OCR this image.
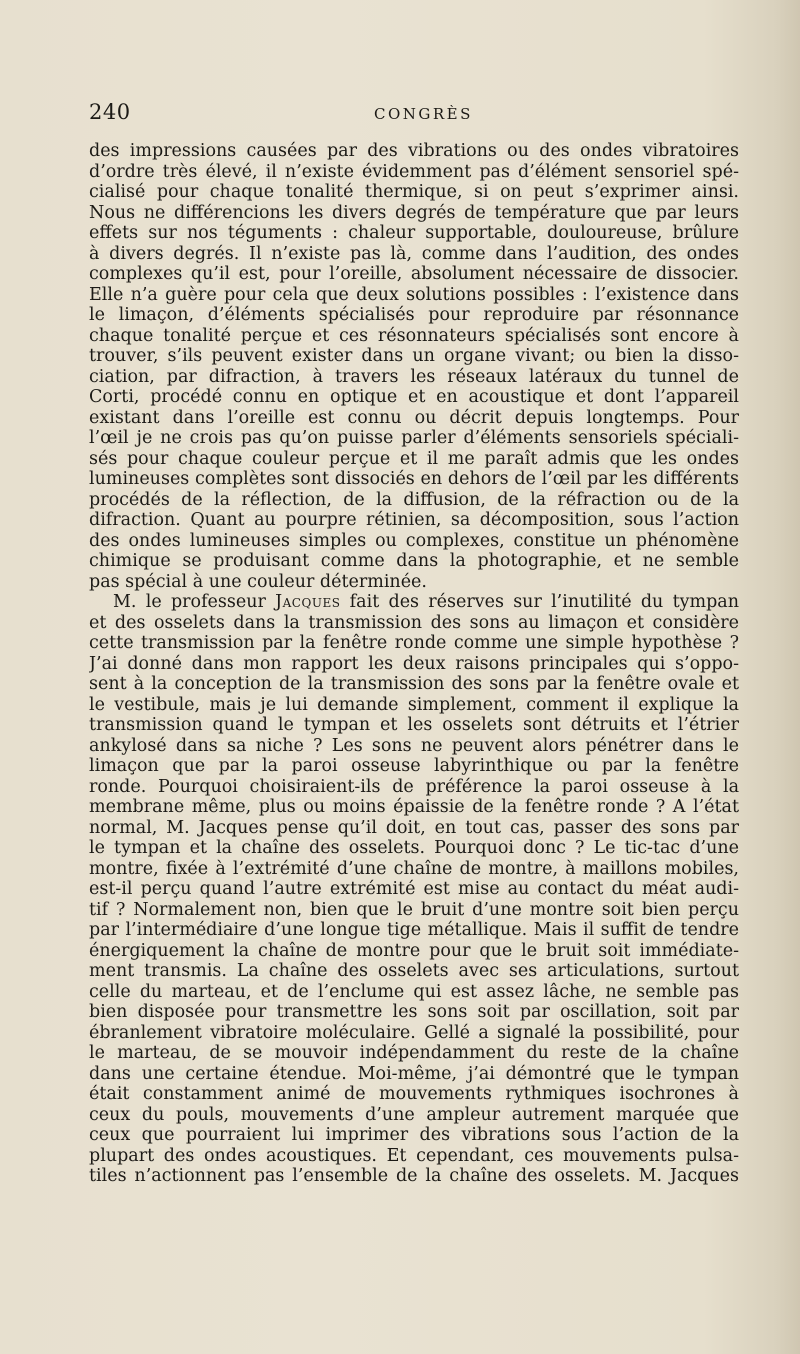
240	CONGRÈS
des impressions causées par des vibrations ou des ondes vibratoires
d’ordre très élevé, il n’existe évidemment pas d’élément sensoriel spé-
cialisé pour chaque tonalité thermique, si on peut s’exprimer ainsi.
Nous ne différencions les divers degrés de température que par leurs
effets sur nos téguments : chaleur supportable, douloureuse, brûlure
à divers degrés. Il n’existe pas là, comme dans l’audition, des ondes
complexes qu’il est, pour l’oreille, absolument nécessaire de dissocier.
Elle n’a guère pour cela que deux solutions possibles : l’existence dans
le limaçon, d’éléments spécialisés pour reproduire par résonnance
chaque tonalité perçue et ces résonnateurs spécialisés sont encore à
trouver, s’ils peuvent exister dans un organe vivant; ou bien la disso-
ciation, par difraction, à travers les réseaux latéraux du tunnel de
Corti, procédé connu en optique et en acoustique et dont l’appareil
existant dans l’oreille est connu ou décrit depuis longtemps. Pour
l’œil je ne crois pas qu’on puisse parler d’éléments sensoriels spéciali-
sés pour chaque couleur perçue et il me paraît admis que les ondes
lumineuses complètes sont dissociés en dehors de l’œil par les différents
procédés de la réflection, de la diffusion, de la réfraction ou de la
difraction. Quant au pourpre rétinien, sa décomposition, sous l’action
des ondes lumineuses simples ou complexes, constitue un phénomène
chimique se produisant comme dans la photographie, et ne semble
pas spécial à une couleur déterminée.
M. le professeur Jacques fait des réserves sur l’inutilité du tympan
et des osselets dans la transmission des sons au limaçon et considère
cette transmission par la fenêtre ronde comme une simple hypothèse ?
J’ai donné dans mon rapport les deux raisons principales qui s’oppo-
sent à la conception de la transmission des sons par la fenêtre ovale et
le vestibule, mais je lui demande simplement, comment il explique la
transmission quand le tympan et les osselets sont détruits et l’étrier
ankylosé dans sa niche ? Les sons ne peuvent alors pénétrer dans le
limaçon que par la paroi osseuse labyrinthique ou par la fenêtre
ronde. Pourquoi choisiraient-ils de préférence la paroi osseuse à la
membrane même, plus ou moins épaissie de la fenêtre ronde ? A l’état
normal, M. Jacques pense qu’il doit, en tout cas, passer des sons par
le tympan et la chaîne des osselets. Pourquoi donc ? Le tic-tac d’une
montre, fixée à l’extrémité d’une chaîne de montre, à maillons mobiles,
est-il perçu quand l’autre extrémité est mise au contact du méat audi-
tif ? Normalement non, bien que le bruit d’une montre soit bien perçu
par l’intermédiaire d’une longue tige métallique. Mais il suffit de tendre
énergiquement la chaîne de montre pour que le bruit soit immédiate-
ment transmis. La chaîne des osselets avec ses articulations, surtout
celle du marteau, et de l’enclume qui est assez lâche, ne semble pas
bien disposée pour transmettre les sons soit par oscillation, soit par
ébranlement vibratoire moléculaire. Gellé a signalé la possibilité, pour
le marteau, de se mouvoir indépendamment du reste de la chaîne
dans une certaine étendue. Moi-même, j’ai démontré que le tympan
était constamment animé de mouvements rythmiques isochrones à
ceux du pouls, mouvements d’une ampleur autrement marquée que
ceux que pourraient lui imprimer des vibrations sous l’action de la
plupart des ondes acoustiques. Et cependant, ces mouvements pulsa-
tiles n’actionnent pas l’ensemble de la chaîne des osselets. M. Jacques
